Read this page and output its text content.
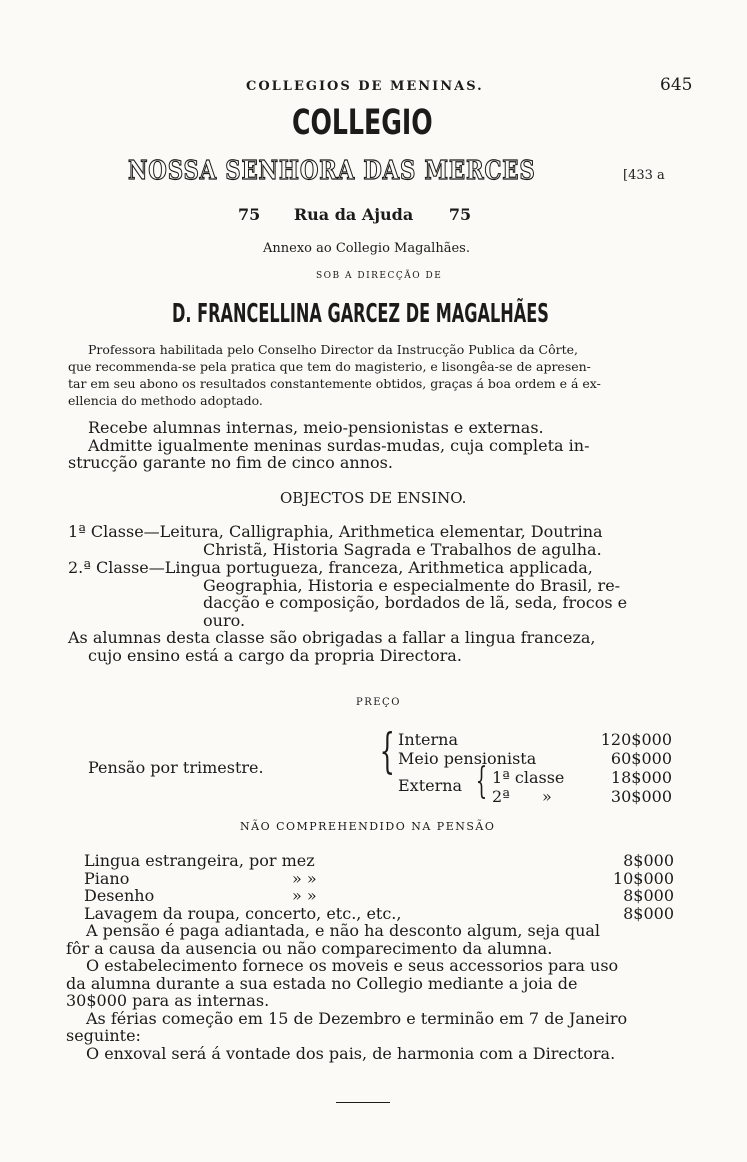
COLLEGIOS DE MENINAS.	645
COLLEGIO
NOSSA SENHORA DAS MERCES	[433 a
75 Rua da Ajuda 75
Annexo ao Collegio Magalhães.
SOB A DIRECÇÃO DE
D. FRANCELLINA GARCEZ DE MAGALHÃES
Professora habilitada pelo Conselho Director da Instrucção Publica da Côrte,
que recommenda-se pela pratica que tem do magisterio, e lisongêa-se de apresen-
tar em seu abono os resultados constantemente obtidos, graças á boa ordem e á ex-
ellencia do methodo adoptado.
Recebe alumnas internas, meio-pensionistas e externas.
Admitte igualmente meninas surdas-mudas, cuja completa in-
strucção garante no fim de cinco annos.
OBJECTOS DE ENSINO.
1ª Classe—Leitura, Calligraphia, Arithmetica elementar, Doutrina
Christã, Historia Sagrada e Trabalhos de agulha.
2.ª Classe—Lingua portugueza, franceza, Arithmetica applicada,
Geographia, Historia e especialmente do Brasil, re-
dacção e composição, bordados de lã, seda, frocos e
ouro.
As alumnas desta classe são obrigadas a fallar a lingua franceza,
cujo ensino está a cargo da propria Directora.
PREÇO
Pensão por trimestre. { Interna	120$000
Meio pensionista	60$000
Externa { 1ª classe	18$000
2ª »	30$000
NÃO COMPREHENDIDO NA PENSÃO
Lingua estrangeira, por mez	8$000
Piano	» »	10$000
Desenho	» »	8$000
Lavagem da roupa, concerto, etc., etc.,	8$000
A pensão é paga adiantada, e não ha desconto algum, seja qual
fôr a causa da ausencia ou não comparecimento da alumna.
O estabelecimento fornece os moveis e seus accessorios para uso
da alumna durante a sua estada no Collegio mediante a joia de
30$000 para as internas.
As férias começão em 15 de Dezembro e terminão em 7 de Janeiro
seguinte:
O enxoval será á vontade dos pais, de harmonia com a Directora.
